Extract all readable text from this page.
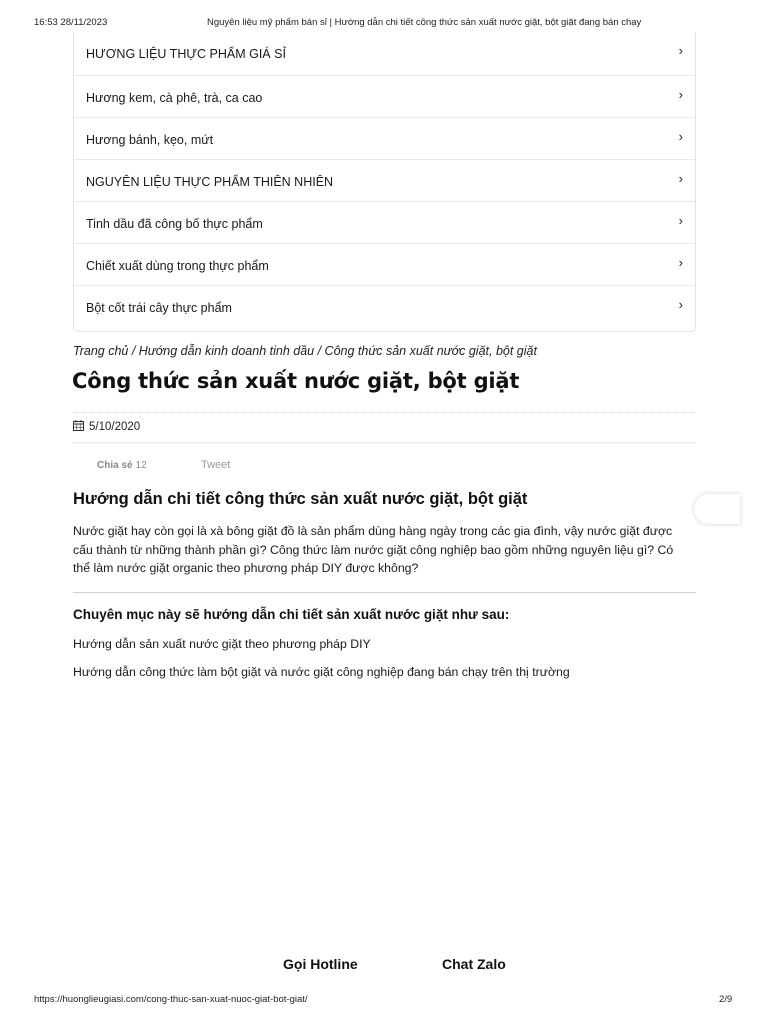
16:53 28/11/2023	Nguyên liệu mỹ phẩm bán sỉ | Hướng dẫn chi tiết công thức sản xuất nước giặt, bột giặt đang bán chạy
HƯƠNG LIỆU THỰC PHẨM GIÁ SỈ	›
Hương kem, cà phê, trà, ca cao	›
Hương bánh, kẹo, mứt	›
NGUYÊN LIỆU THỰC PHẨM THIÊN NHIÊN	›
Tinh dầu đã công bố thực phẩm	›
Chiết xuất dùng trong thực phẩm	›
Bột cốt trái cây thực phẩm	›
Trang chủ / Hướng dẫn kinh doanh tinh dầu / Công thức sản xuất nước giặt, bột giặt
Công thức sản xuất nước giặt, bột giặt
5/10/2020
Chia sẻ 12	Tweet
Hướng dẫn chi tiết công thức sản xuất nước giặt, bột giặt
Nước giặt hay còn gọi là xà bông giặt đồ là sản phẩm dùng hàng ngày trong các gia đình, vậy nước giặt được
cấu thành từ những thành phần gì? Công thức làm nước giặt công nghiệp bao gồm những nguyên liệu gì? Có
thể làm nước giặt organic theo phương pháp DIY được không?
Chuyên mục này sẽ hướng dẫn chi tiết sản xuất nước giặt như sau:

Hướng dẫn sản xuất nước giặt theo phương pháp DIY

Hướng dẫn công thức làm bột giặt và nước giặt công nghiệp đang bán chạy trên thị trường

Gọi Hotline	Chat Zalo
https://huonglieugiasi.com/cong-thuc-san-xuat-nuoc-giat-bot-giat/	2/9
